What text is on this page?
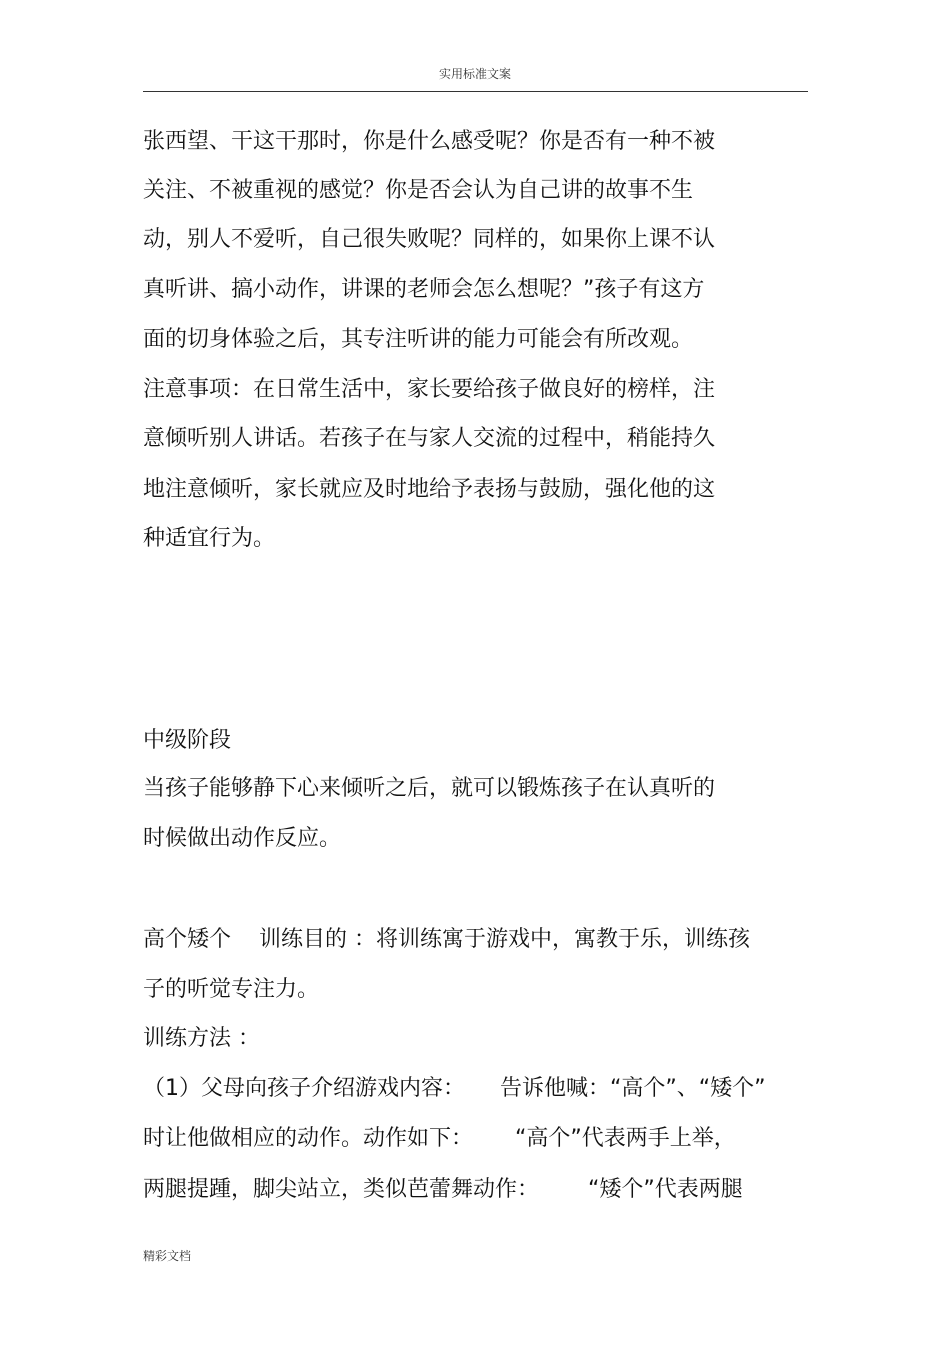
实用标准文案
张西望、干这干那时，你是什么感受呢？你是否有一种不被
关注、不被重视的感觉？你是否会认为自己讲的故事不生
动，别人不爱听，自己很失败呢？同样的，如果你上课不认
真听讲、搞小动作，讲课的老师会怎么想呢？”孩子有这方
面的切身体验之后，其专注听讲的能力可能会有所改观。
注意事项：在日常生活中，家长要给孩子做良好的榜样，注
意倾听别人讲话。若孩子在与家人交流的过程中，稍能持久
地注意倾听，家长就应及时地给予表扬与鼓励，强化他的这
种适宜行为。
中级阶段
当孩子能够静下心来倾听之后，就可以锻炼孩子在认真听的
时候做出动作反应。
高个矮个    训练目的 ：将训练寓于游戏中，寓教于乐，训练孩
子的听觉专注力。
训练方法 ：
（1）父母向孩子介绍游戏内容：     告诉他喊：“高个”、“矮个”
时让他做相应的动作。动作如下：      “高个”代表两手上举，
两腿提踵，脚尖站立，类似芭蕾舞动作：       “矮个”代表两腿
精彩文档
